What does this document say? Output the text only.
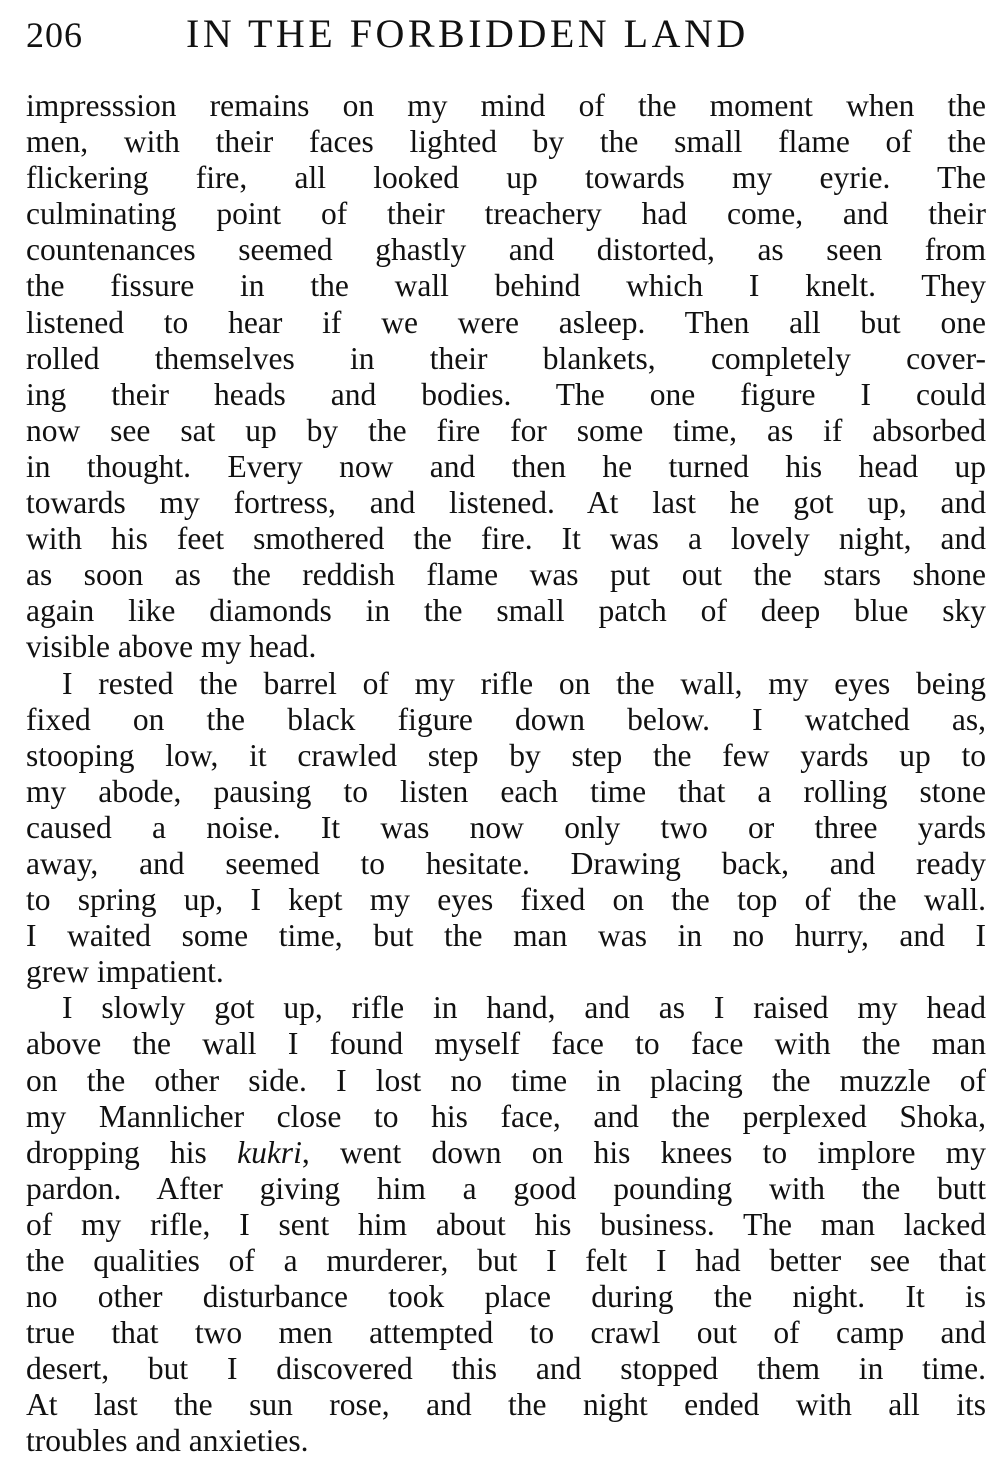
206	IN THE FORBIDDEN LAND

impresssion remains on my mind of the moment when the
men, with their faces lighted by the small flame of the
flickering fire, all looked up towards my eyrie. The
culminating point of their treachery had come, and their
countenances seemed ghastly and distorted, as seen from
the fissure in the wall behind which I knelt. They
listened to hear if we were asleep. Then all but one
rolled themselves in their blankets, completely cover-
ing their heads and bodies. The one figure I could
now see sat up by the fire for some time, as if absorbed
in thought. Every now and then he turned his head up
towards my fortress, and listened. At last he got up, and
with his feet smothered the fire. It was a lovely night, and
as soon as the reddish flame was put out the stars shone
again like diamonds in the small patch of deep blue sky
visible above my head.

I rested the barrel of my rifle on the wall, my eyes being
fixed on the black figure down below. I watched as,
stooping low, it crawled step by step the few yards up to
my abode, pausing to listen each time that a rolling stone
caused a noise. It was now only two or three yards
away, and seemed to hesitate. Drawing back, and ready
to spring up, I kept my eyes fixed on the top of the wall.
I waited some time, but the man was in no hurry, and I
grew impatient.

I slowly got up, rifle in hand, and as I raised my head
above the wall I found myself face to face with the man
on the other side. I lost no time in placing the muzzle of
my Mannlicher close to his face, and the perplexed Shoka,
dropping his kukri, went down on his knees to implore my
pardon. After giving him a good pounding with the butt
of my rifle, I sent him about his business. The man lacked
the qualities of a murderer, but I felt I had better see that
no other disturbance took place during the night. It is
true that two men attempted to crawl out of camp and
desert, but I discovered this and stopped them in time.
At last the sun rose, and the night ended with all its
troubles and anxieties.
